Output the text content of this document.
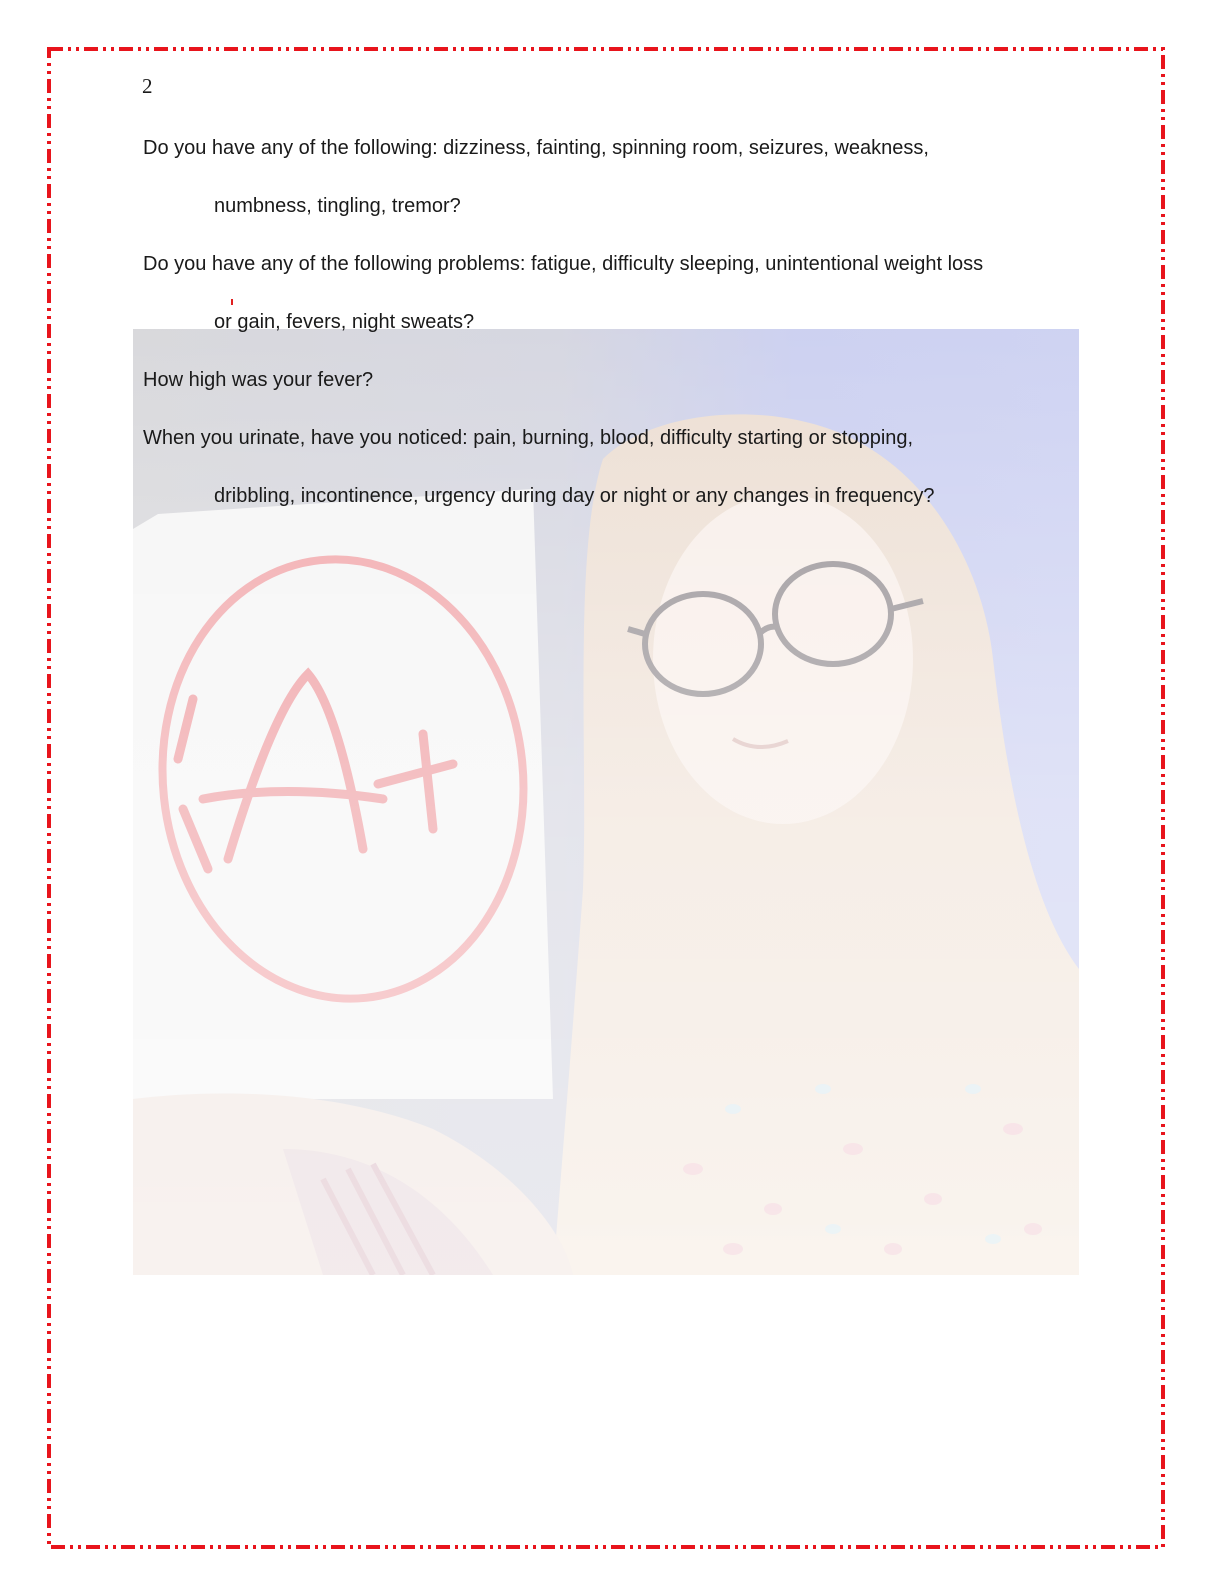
2
Do you have any of the following: dizziness, fainting, spinning room, seizures, weakness,
numbness, tingling, tremor?
Do you have any of the following problems: fatigue, difficulty sleeping, unintentional weight loss
or gain, fevers, night sweats?
How high was your fever?
When you urinate, have you noticed: pain, burning, blood, difficulty starting or stopping,
dribbling, incontinence, urgency during day or night or any changes in frequency?
